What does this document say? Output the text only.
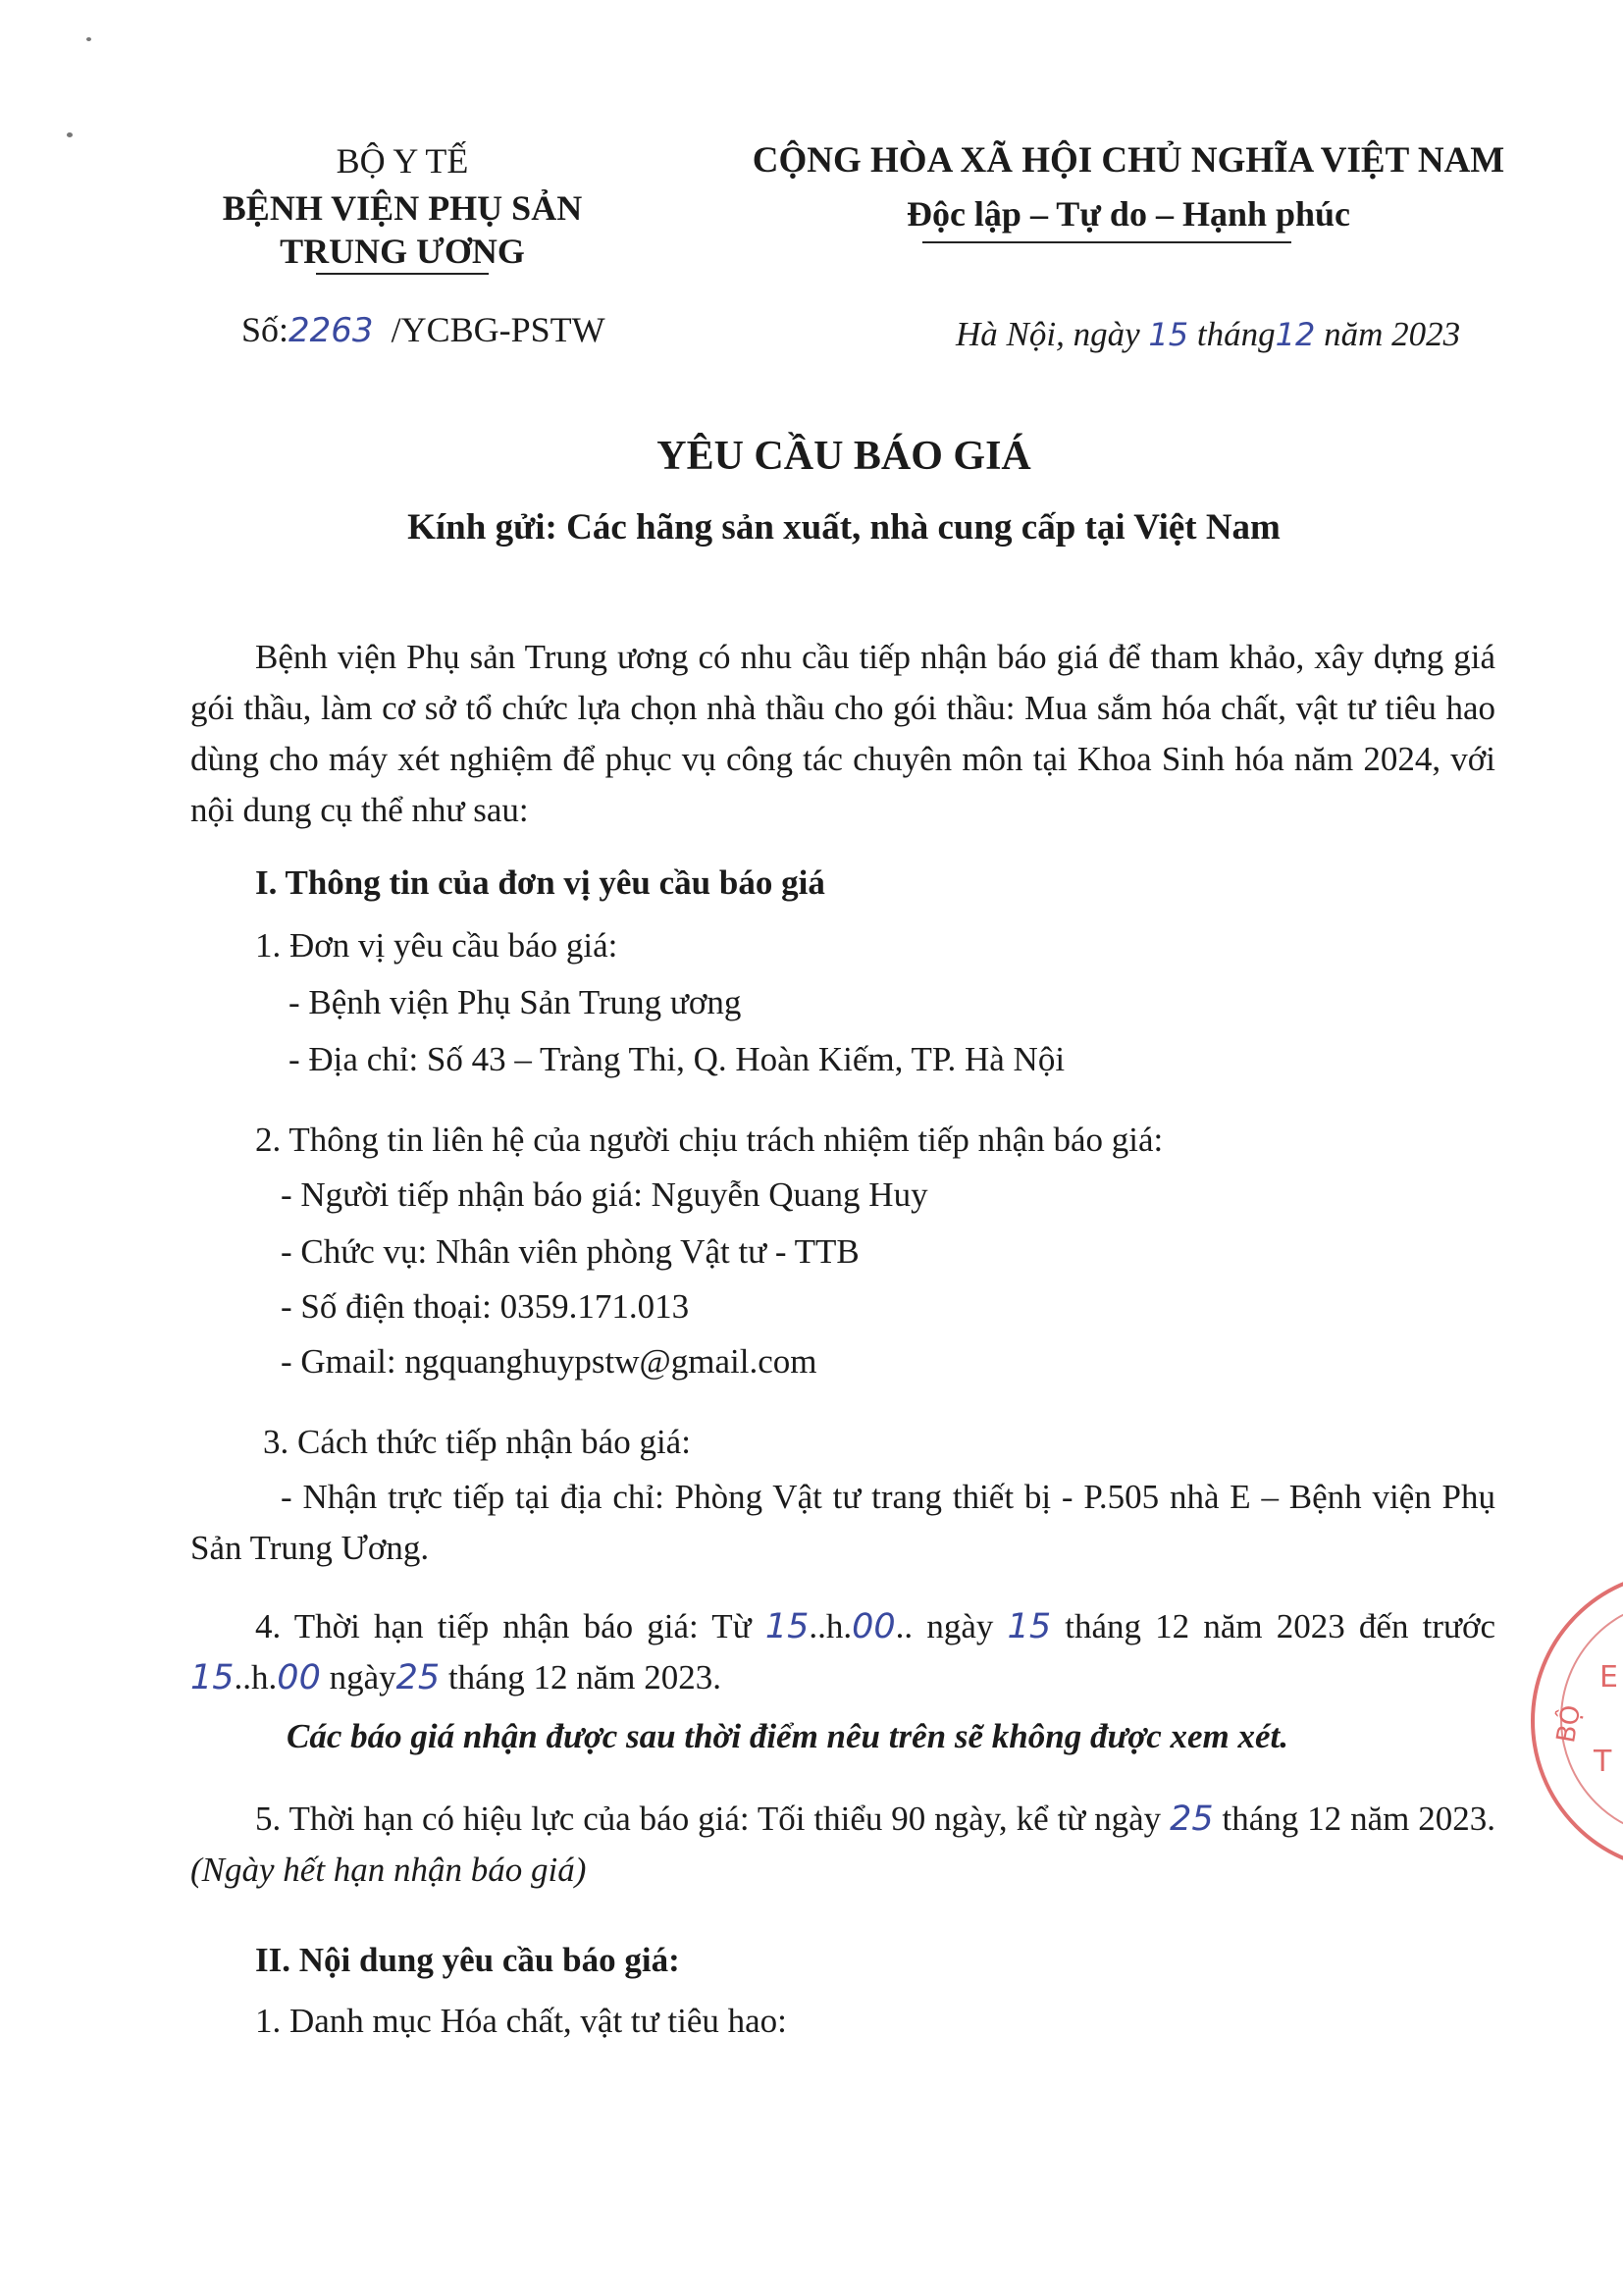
BỘ Y TẾ
BỆNH VIỆN PHỤ SẢN
TRUNG ƯƠNG
Số:2263 /YCBG-PSTW
CỘNG HÒA XÃ HỘI CHỦ NGHĨA VIỆT NAM
Độc lập – Tự do – Hạnh phúc
Hà Nội, ngày 15 tháng12 năm 2023
YÊU CẦU BÁO GIÁ
Kính gửi: Các hãng sản xuất, nhà cung cấp tại Việt Nam
Bệnh viện Phụ sản Trung ương có nhu cầu tiếp nhận báo giá để tham khảo, xây dựng giá gói thầu, làm cơ sở tổ chức lựa chọn nhà thầu cho gói thầu: Mua sắm hóa chất, vật tư tiêu hao dùng cho máy xét nghiệm để phục vụ công tác chuyên môn tại Khoa Sinh hóa năm 2024, với nội dung cụ thể như sau:
I. Thông tin của đơn vị yêu cầu báo giá
1. Đơn vị yêu cầu báo giá:
- Bệnh viện Phụ Sản Trung ương
- Địa chỉ: Số 43 – Tràng Thi, Q. Hoàn Kiếm, TP. Hà Nội
2. Thông tin liên hệ của người chịu trách nhiệm tiếp nhận báo giá:
- Người tiếp nhận báo giá: Nguyễn Quang Huy
- Chức vụ: Nhân viên phòng Vật tư - TTB
- Số điện thoại: 0359.171.013
- Gmail: ngquanghuypstw@gmail.com
3. Cách thức tiếp nhận báo giá:
- Nhận trực tiếp tại địa chỉ: Phòng Vật tư trang thiết bị - P.505 nhà E – Bệnh viện Phụ Sản Trung Ương.
4. Thời hạn tiếp nhận báo giá: Từ 15..h.00.. ngày 15 tháng 12 năm 2023 đến trước 15..h.00 ngày25 tháng 12 năm 2023.
Các báo giá nhận được sau thời điểm nêu trên sẽ không được xem xét.
5. Thời hạn có hiệu lực của báo giá: Tối thiểu 90 ngày, kể từ ngày 25 tháng 12 năm 2023. (Ngày hết hạn nhận báo giá)
II. Nội dung yêu cầu báo giá:
1. Danh mục Hóa chất, vật tư tiêu hao:
E
BỘ
T
